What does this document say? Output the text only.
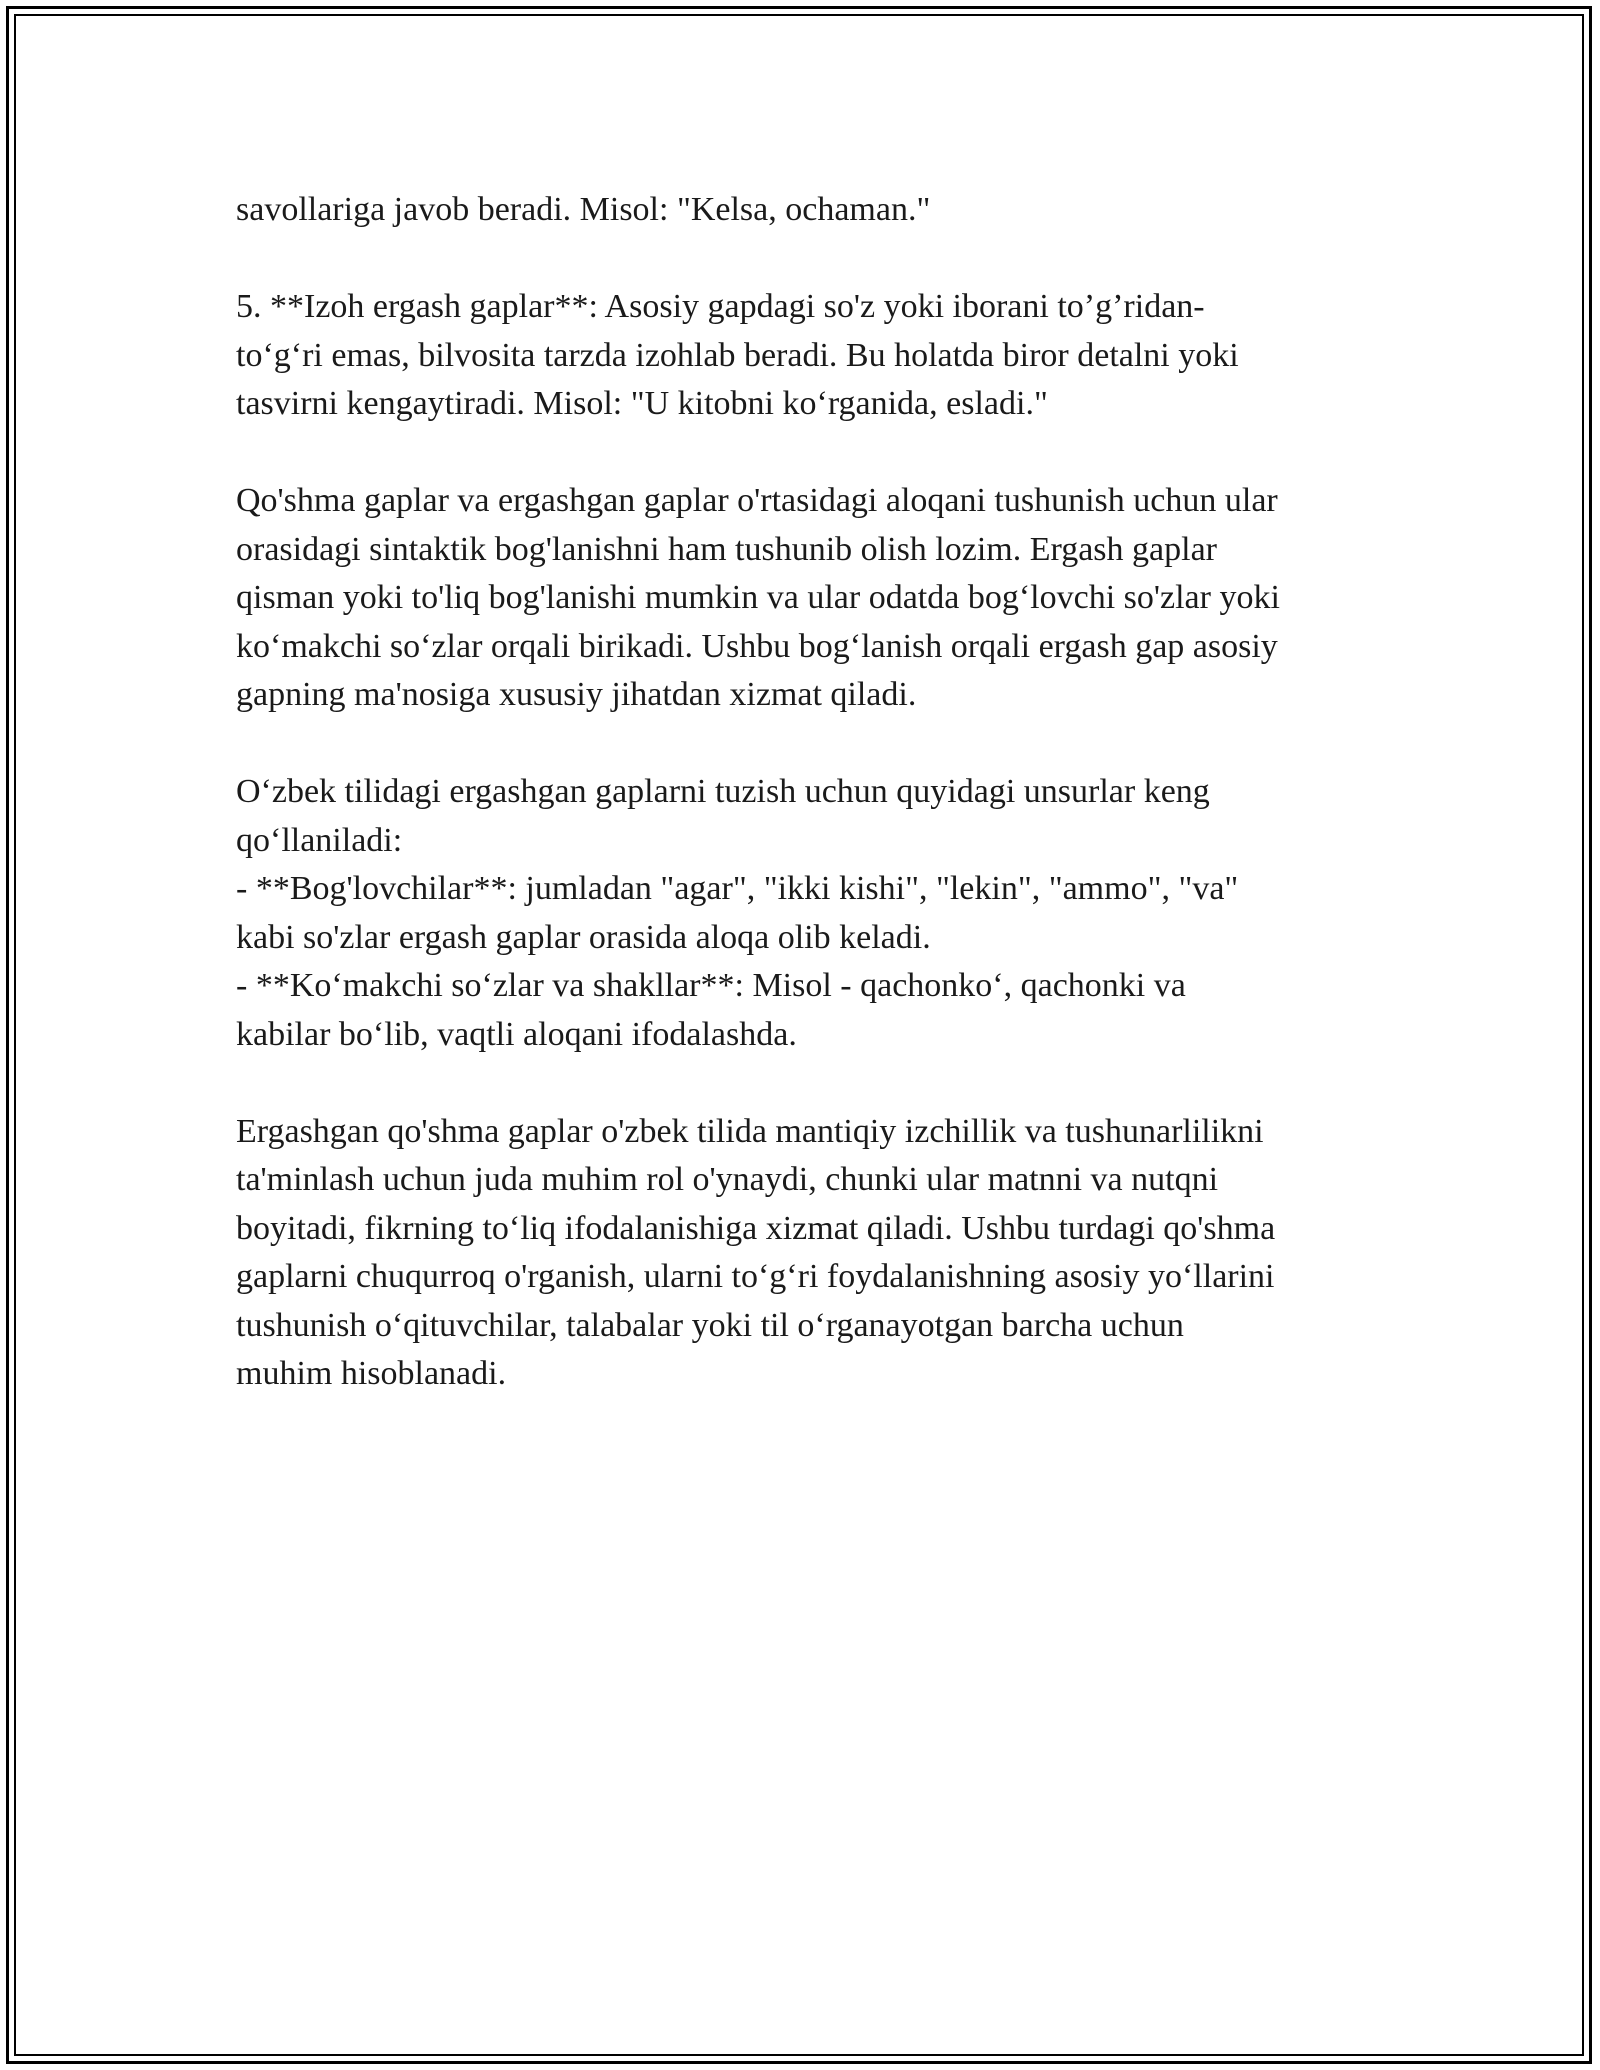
savollariga javob beradi. Misol: "Kelsa, ochaman."
5. **Izoh ergash gaplar**: Asosiy gapdagi so'z yoki iborani to’g’ridan-
to‘g‘ri emas, bilvosita tarzda izohlab beradi. Bu holatda biror detalni yoki
tasvirni kengaytiradi. Misol: "U kitobni ko‘rganida, esladi."
Qo'shma gaplar va ergashgan gaplar o'rtasidagi aloqani tushunish uchun ular
orasidagi sintaktik bog'lanishni ham tushunib olish lozim. Ergash gaplar
qisman yoki to'liq bog'lanishi mumkin va ular odatda bog‘lovchi so'zlar yoki
ko‘makchi so‘zlar orqali birikadi. Ushbu bog‘lanish orqali ergash gap asosiy
gapning ma'nosiga xususiy jihatdan xizmat qiladi.
O‘zbek tilidagi ergashgan gaplarni tuzish uchun quyidagi unsurlar keng
qo‘llaniladi:
- **Bog'lovchilar**: jumladan "agar", "ikki kishi", "lekin", "ammo", "va"
kabi so'zlar ergash gaplar orasida aloqa olib keladi.
- **Ko‘makchi so‘zlar va shakllar**: Misol - qachonko‘, qachonki va
kabilar bo‘lib, vaqtli aloqani ifodalashda.
Ergashgan qo'shma gaplar o'zbek tilida mantiqiy izchillik va tushunarlilikni
ta'minlash uchun juda muhim rol o'ynaydi, chunki ular matnni va nutqni
boyitadi, fikrning to‘liq ifodalanishiga xizmat qiladi. Ushbu turdagi qo'shma
gaplarni chuqurroq o'rganish, ularni to‘g‘ri foydalanishning asosiy yo‘llarini
tushunish o‘qituvchilar, talabalar yoki til o‘rganayotgan barcha uchun
muhim hisoblanadi.
